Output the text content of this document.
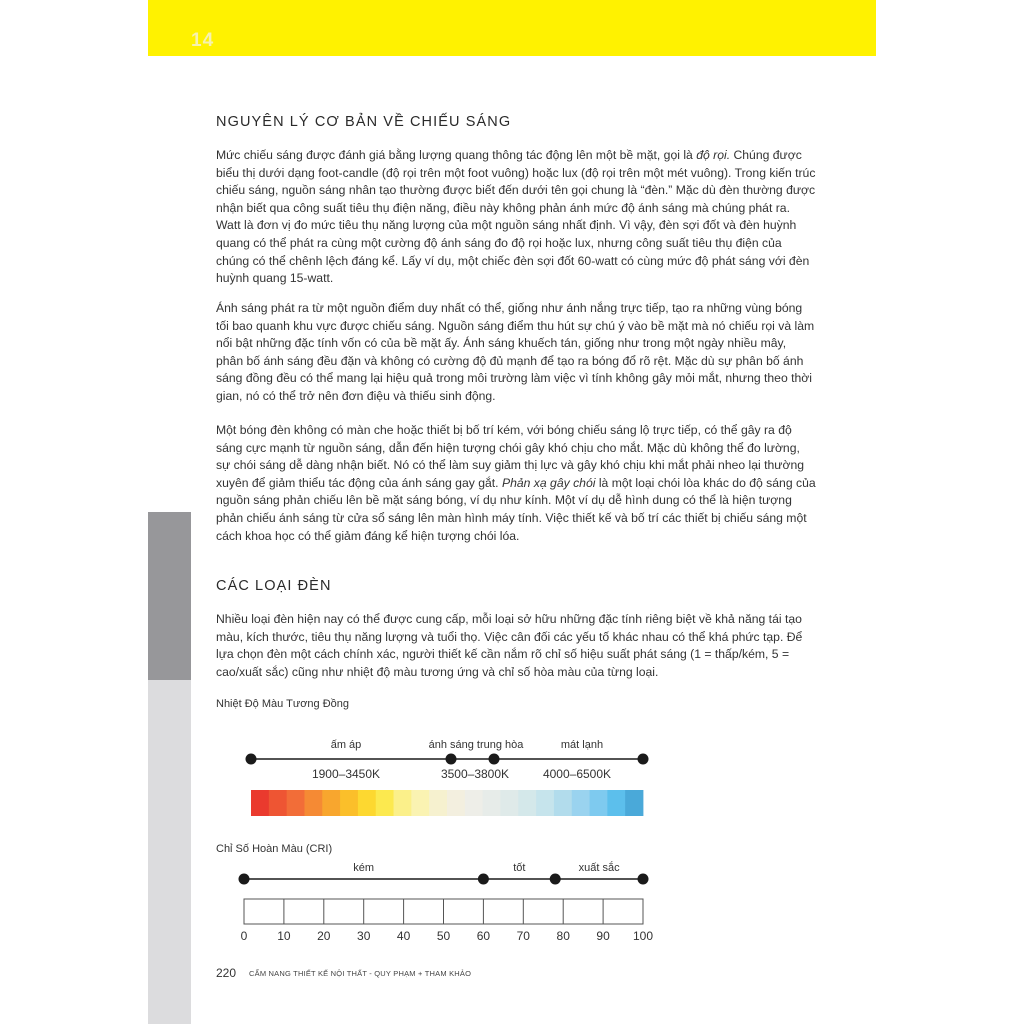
14
NGUYÊN LÝ CƠ BẢN VỀ CHIẾU SÁNG

Mức chiếu sáng được đánh giá bằng lượng quang thông tác động lên một bề mặt, gọi là độ rọi. Chúng được biểu thị dưới dạng foot-candle (độ rọi trên một foot vuông) hoặc lux (độ rọi trên một mét vuông). Trong kiến trúc chiếu sáng, nguồn sáng nhân tạo thường được biết đến dưới tên gọi chung là “đèn.” Mặc dù đèn thường được nhận biết qua công suất tiêu thụ điện năng, điều này không phản ánh mức độ ánh sáng mà chúng phát ra. Watt là đơn vị đo mức tiêu thụ năng lượng của một nguồn sáng nhất định. Vì vậy, đèn sợi đốt và đèn huỳnh quang có thể phát ra cùng một cường độ ánh sáng đo độ rọi hoặc lux, nhưng công suất tiêu thụ điện của chúng có thể chênh lệch đáng kể. Lấy ví dụ, một chiếc đèn sợi đốt 60-watt có cùng mức độ phát sáng với đèn huỳnh quang 15-watt.

Ánh sáng phát ra từ một nguồn điểm duy nhất có thể, giống như ánh nắng trực tiếp, tạo ra những vùng bóng tối bao quanh khu vực được chiếu sáng. Nguồn sáng điểm thu hút sự chú ý vào bề mặt mà nó chiếu rọi và làm nổi bật những đặc tính vốn có của bề mặt ấy. Ánh sáng khuếch tán, giống như trong một ngày nhiều mây, phân bố ánh sáng đều đặn và không có cường độ đủ mạnh để tạo ra bóng đổ rõ rệt. Mặc dù sự phân bố ánh sáng đồng đều có thể mang lại hiệu quả trong môi trường làm việc vì tính không gây mỏi mắt, nhưng theo thời gian, nó có thể trở nên đơn điệu và thiếu sinh động.

Một bóng đèn không có màn che hoặc thiết bị bố trí kém, với bóng chiếu sáng lộ trực tiếp, có thể gây ra độ sáng cực mạnh từ nguồn sáng, dẫn đến hiện tượng chói gây khó chịu cho mắt. Mặc dù không thể đo lường, sự chói sáng dễ dàng nhận biết. Nó có thể làm suy giảm thị lực và gây khó chịu khi mắt phải nheo lại thường xuyên để giảm thiểu tác động của ánh sáng gay gắt. Phản xạ gây chói là một loại chói lòa khác do độ sáng của nguồn sáng phản chiếu lên bề mặt sáng bóng, ví dụ như kính. Một ví dụ dễ hình dung có thể là hiện tượng phản chiếu ánh sáng từ cửa sổ sáng lên màn hình máy tính. Việc thiết kế và bố trí các thiết bị chiếu sáng một cách khoa học có thể giảm đáng kể hiện tượng chói lóa.

CÁC LOẠI ĐÈN

Nhiều loại đèn hiện nay có thể được cung cấp, mỗi loại sở hữu những đặc tính riêng biệt về khả năng tái tạo màu, kích thước, tiêu thụ năng lượng và tuổi thọ. Việc cân đối các yếu tố khác nhau có thể khá phức tạp. Để lựa chọn đèn một cách chính xác, người thiết kế cần nắm rõ chỉ số hiệu suất phát sáng (1 = thấp/kém, 5 = cao/xuất sắc) cũng như nhiệt độ màu tương ứng và chỉ số hòa màu của từng loại.

Nhiệt Độ Màu Tương Đồng
ấm áp	ánh sáng trung hòa	mát lạnh
1900–3450K	3500–3800K	4000–6500K
Chỉ Số Hoàn Màu (CRI)
kém	tốt	xuất sắc
0 10 20 30 40 50 60 70 80 90 100
220 CẨM NANG THIẾT KẾ NỘI THẤT - QUY PHẠM + THAM KHẢO
